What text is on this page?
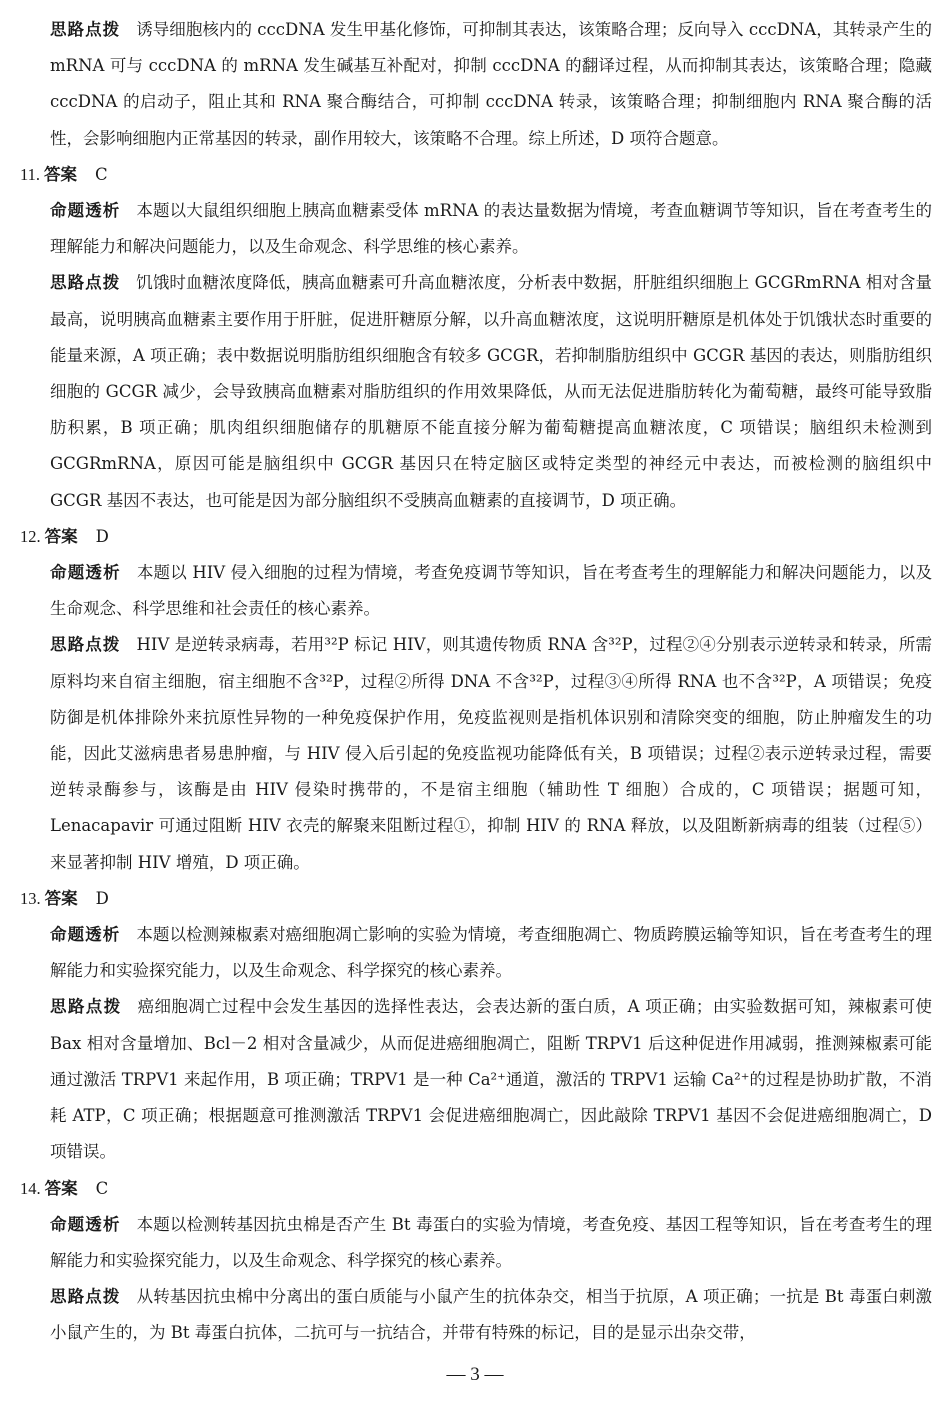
思路点拨 诱导细胞核内的 cccDNA 发生甲基化修饰，可抑制其表达，该策略合理；反向导入 cccDNA，其转录产生的 mRNA 可与 cccDNA 的 mRNA 发生碱基互补配对，抑制 cccDNA 的翻译过程，从而抑制其表达，该策略合理；隐藏 cccDNA 的启动子，阻止其和 RNA 聚合酶结合，可抑制 cccDNA 转录，该策略合理；抑制细胞内 RNA 聚合酶的活性，会影响细胞内正常基因的转录，副作用较大，该策略不合理。综上所述，D 项符合题意。

11. 答案 C

命题透析 本题以大鼠组织细胞上胰高血糖素受体 mRNA 的表达量数据为情境，考查血糖调节等知识，旨在考查考生的理解能力和解决问题能力，以及生命观念、科学思维的核心素养。

思路点拨 饥饿时血糖浓度降低，胰高血糖素可升高血糖浓度，分析表中数据，肝脏组织细胞上 GCGRmRNA 相对含量最高，说明胰高血糖素主要作用于肝脏，促进肝糖原分解，以升高血糖浓度，这说明肝糖原是机体处于饥饿状态时重要的能量来源，A 项正确；表中数据说明脂肪组织细胞含有较多 GCGR，若抑制脂肪组织中 GCGR 基因的表达，则脂肪组织细胞的 GCGR 减少，会导致胰高血糖素对脂肪组织的作用效果降低，从而无法促进脂肪转化为葡萄糖，最终可能导致脂肪积累，B 项正确；肌肉组织细胞储存的肌糖原不能直接分解为葡萄糖提高血糖浓度，C 项错误；脑组织未检测到 GCGRmRNA，原因可能是脑组织中 GCGR 基因只在特定脑区或特定类型的神经元中表达，而被检测的脑组织中 GCGR 基因不表达，也可能是因为部分脑组织不受胰高血糖素的直接调节，D 项正确。

12. 答案 D

命题透析 本题以 HIV 侵入细胞的过程为情境，考查免疫调节等知识，旨在考查考生的理解能力和解决问题能力，以及生命观念、科学思维和社会责任的核心素养。

思路点拨 HIV 是逆转录病毒，若用³²P 标记 HIV，则其遗传物质 RNA 含³²P，过程②④分别表示逆转录和转录，所需原料均来自宿主细胞，宿主细胞不含³²P，过程②所得 DNA 不含³²P，过程③④所得 RNA 也不含³²P，A 项错误；免疫防御是机体排除外来抗原性异物的一种免疫保护作用，免疫监视则是指机体识别和清除突变的细胞，防止肿瘤发生的功能，因此艾滋病患者易患肿瘤，与 HIV 侵入后引起的免疫监视功能降低有关，B 项错误；过程②表示逆转录过程，需要逆转录酶参与，该酶是由 HIV 侵染时携带的，不是宿主细胞（辅助性 T 细胞）合成的，C 项错误；据题可知，Lenacapavir 可通过阻断 HIV 衣壳的解聚来阻断过程①，抑制 HIV 的 RNA 释放，以及阻断新病毒的组装（过程⑤）来显著抑制 HIV 增殖，D 项正确。

13. 答案 D

命题透析 本题以检测辣椒素对癌细胞凋亡影响的实验为情境，考查细胞凋亡、物质跨膜运输等知识，旨在考查考生的理解能力和实验探究能力，以及生命观念、科学探究的核心素养。

思路点拨 癌细胞凋亡过程中会发生基因的选择性表达，会表达新的蛋白质，A 项正确；由实验数据可知，辣椒素可使 Bax 相对含量增加、Bcl－2 相对含量减少，从而促进癌细胞凋亡，阻断 TRPV1 后这种促进作用减弱，推测辣椒素可能通过激活 TRPV1 来起作用，B 项正确；TRPV1 是一种 Ca²⁺通道，激活的 TRPV1 运输 Ca²⁺的过程是协助扩散，不消耗 ATP，C 项正确；根据题意可推测激活 TRPV1 会促进癌细胞凋亡，因此敲除 TRPV1 基因不会促进癌细胞凋亡，D 项错误。

14. 答案 C

命题透析 本题以检测转基因抗虫棉是否产生 Bt 毒蛋白的实验为情境，考查免疫、基因工程等知识，旨在考查考生的理解能力和实验探究能力，以及生命观念、科学探究的核心素养。

思路点拨 从转基因抗虫棉中分离出的蛋白质能与小鼠产生的抗体杂交，相当于抗原，A 项正确；一抗是 Bt 毒蛋白刺激小鼠产生的，为 Bt 毒蛋白抗体，二抗可与一抗结合，并带有特殊的标记，目的是显示出杂交带，

— 3 —
